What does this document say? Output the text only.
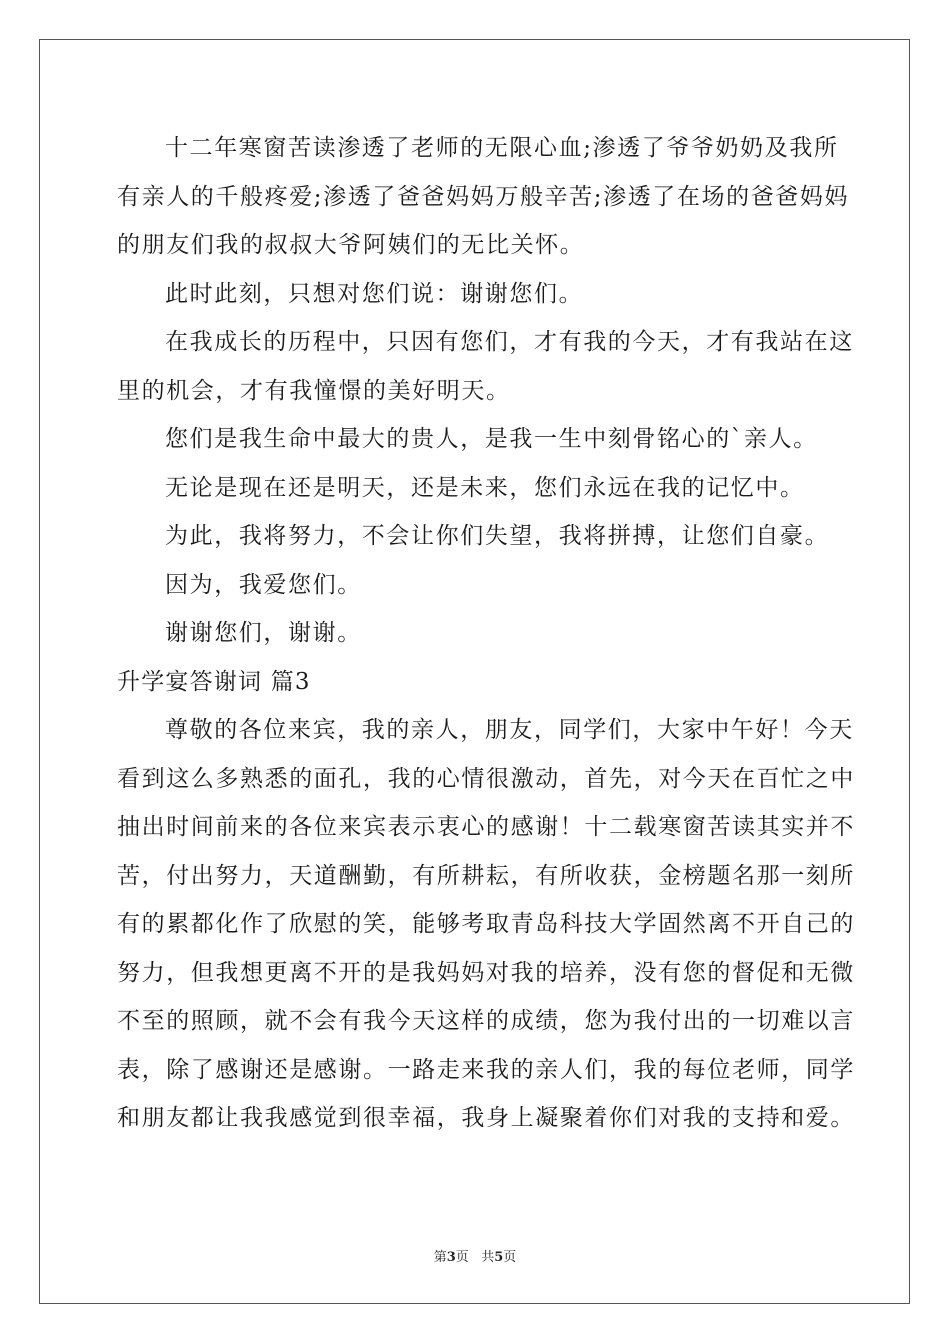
十二年寒窗苦读渗透了老师的无限心血;渗透了爷爷奶奶及我所
有亲人的千般疼爱;渗透了爸爸妈妈万般辛苦;渗透了在场的爸爸妈妈
的朋友们我的叔叔大爷阿姨们的无比关怀。

此时此刻，只想对您们说：谢谢您们。

在我成长的历程中，只因有您们，才有我的今天，才有我站在这
里的机会，才有我憧憬的美好明天。

您们是我生命中最大的贵人，是我一生中刻骨铭心的`亲人。

无论是现在还是明天，还是未来，您们永远在我的记忆中。

为此，我将努力，不会让你们失望，我将拼搏，让您们自豪。

因为，我爱您们。

谢谢您们，谢谢。

升学宴答谢词 篇3

尊敬的各位来宾，我的亲人，朋友，同学们，大家中午好！今天
看到这么多熟悉的面孔，我的心情很激动，首先，对今天在百忙之中
抽出时间前来的各位来宾表示衷心的感谢！十二载寒窗苦读其实并不
苦，付出努力，天道酬勤，有所耕耘，有所收获，金榜题名那一刻所
有的累都化作了欣慰的笑，能够考取青岛科技大学固然离不开自己的
努力，但我想更离不开的是我妈妈对我的培养，没有您的督促和无微
不至的照顾，就不会有我今天这样的成绩，您为我付出的一切难以言
表，除了感谢还是感谢。一路走来我的亲人们，我的每位老师，同学
和朋友都让我我感觉到很幸福，我身上凝聚着你们对我的支持和爱。

第3页 共5页
